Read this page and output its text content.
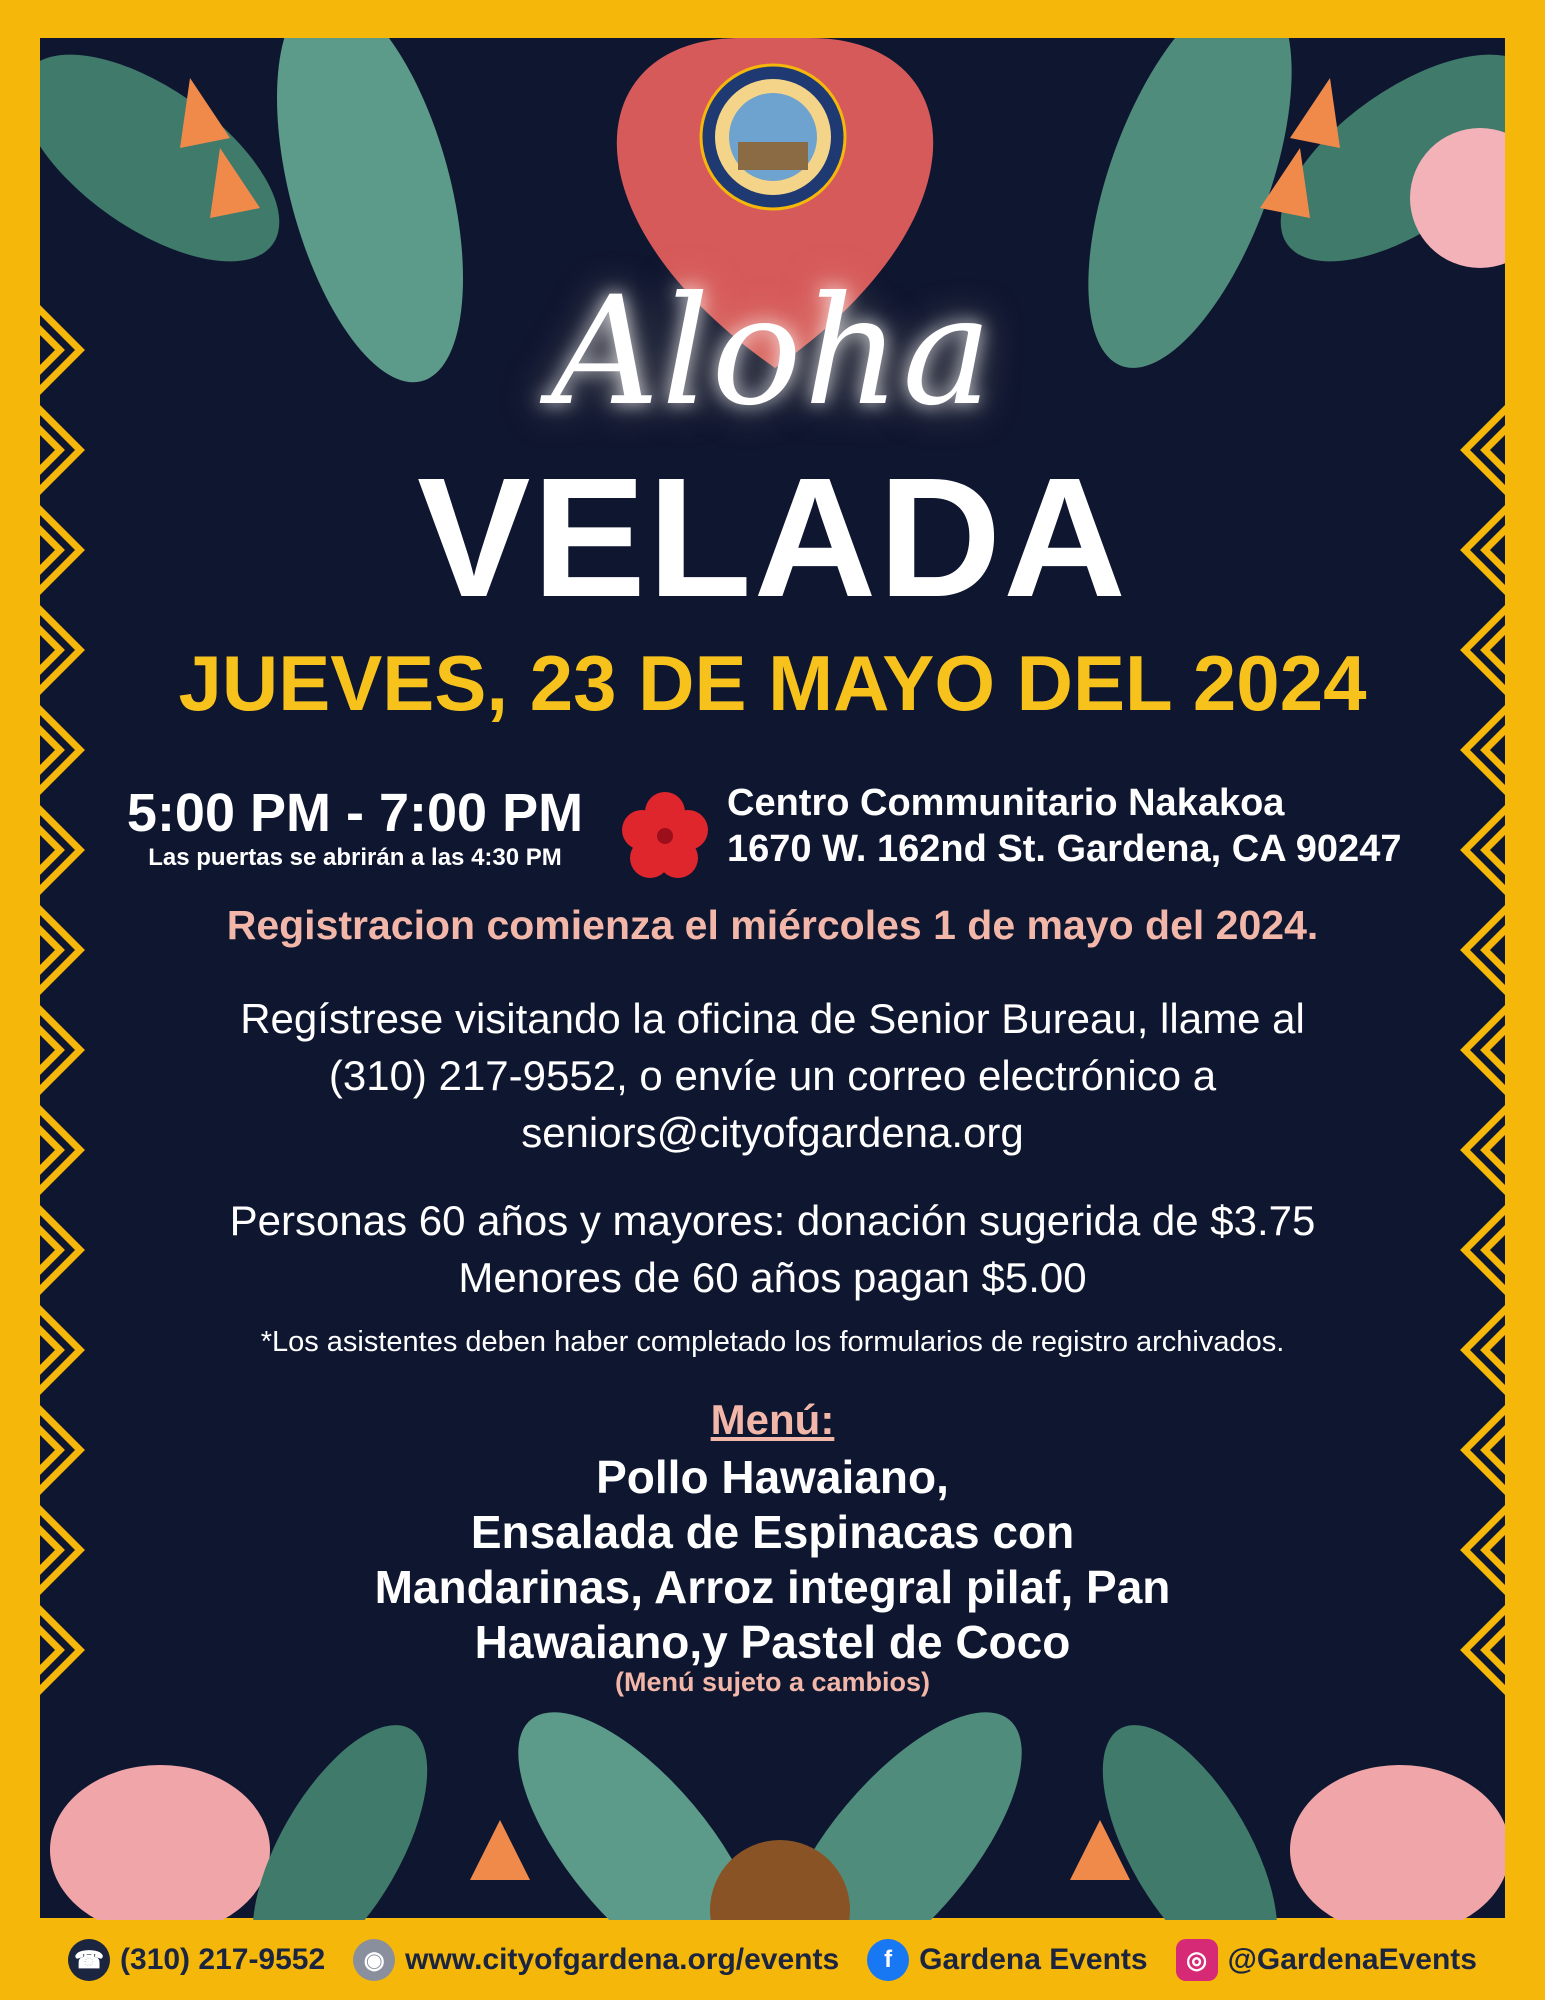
Aloha
VELADA
JUEVES, 23 DE MAYO DEL 2024
5:00 PM - 7:00 PM
Las puertas se abrirán a las 4:30 PM
Centro Communitario Nakakoa
1670 W. 162nd St. Gardena, CA 90247
Registracion comienza el miércoles 1 de mayo del 2024.
Regístrese visitando la oficina de Senior Bureau, llame al
(310) 217-9552, o envíe un correo electrónico a
seniors@cityofgardena.org
Personas 60 años y mayores: donación sugerida de $3.75
Menores de 60 años pagan $5.00
*Los asistentes deben haber completado los formularios de registro archivados.
Menú:
Pollo Hawaiano,
Ensalada de Espinacas con
Mandarinas, Arroz integral pilaf, Pan
Hawaiano,y Pastel de Coco
(Menú sujeto a cambios)
☎ (310) 217-9552	◉ www.cityofgardena.org/events	f Gardena Events	◎ @GardenaEvents
